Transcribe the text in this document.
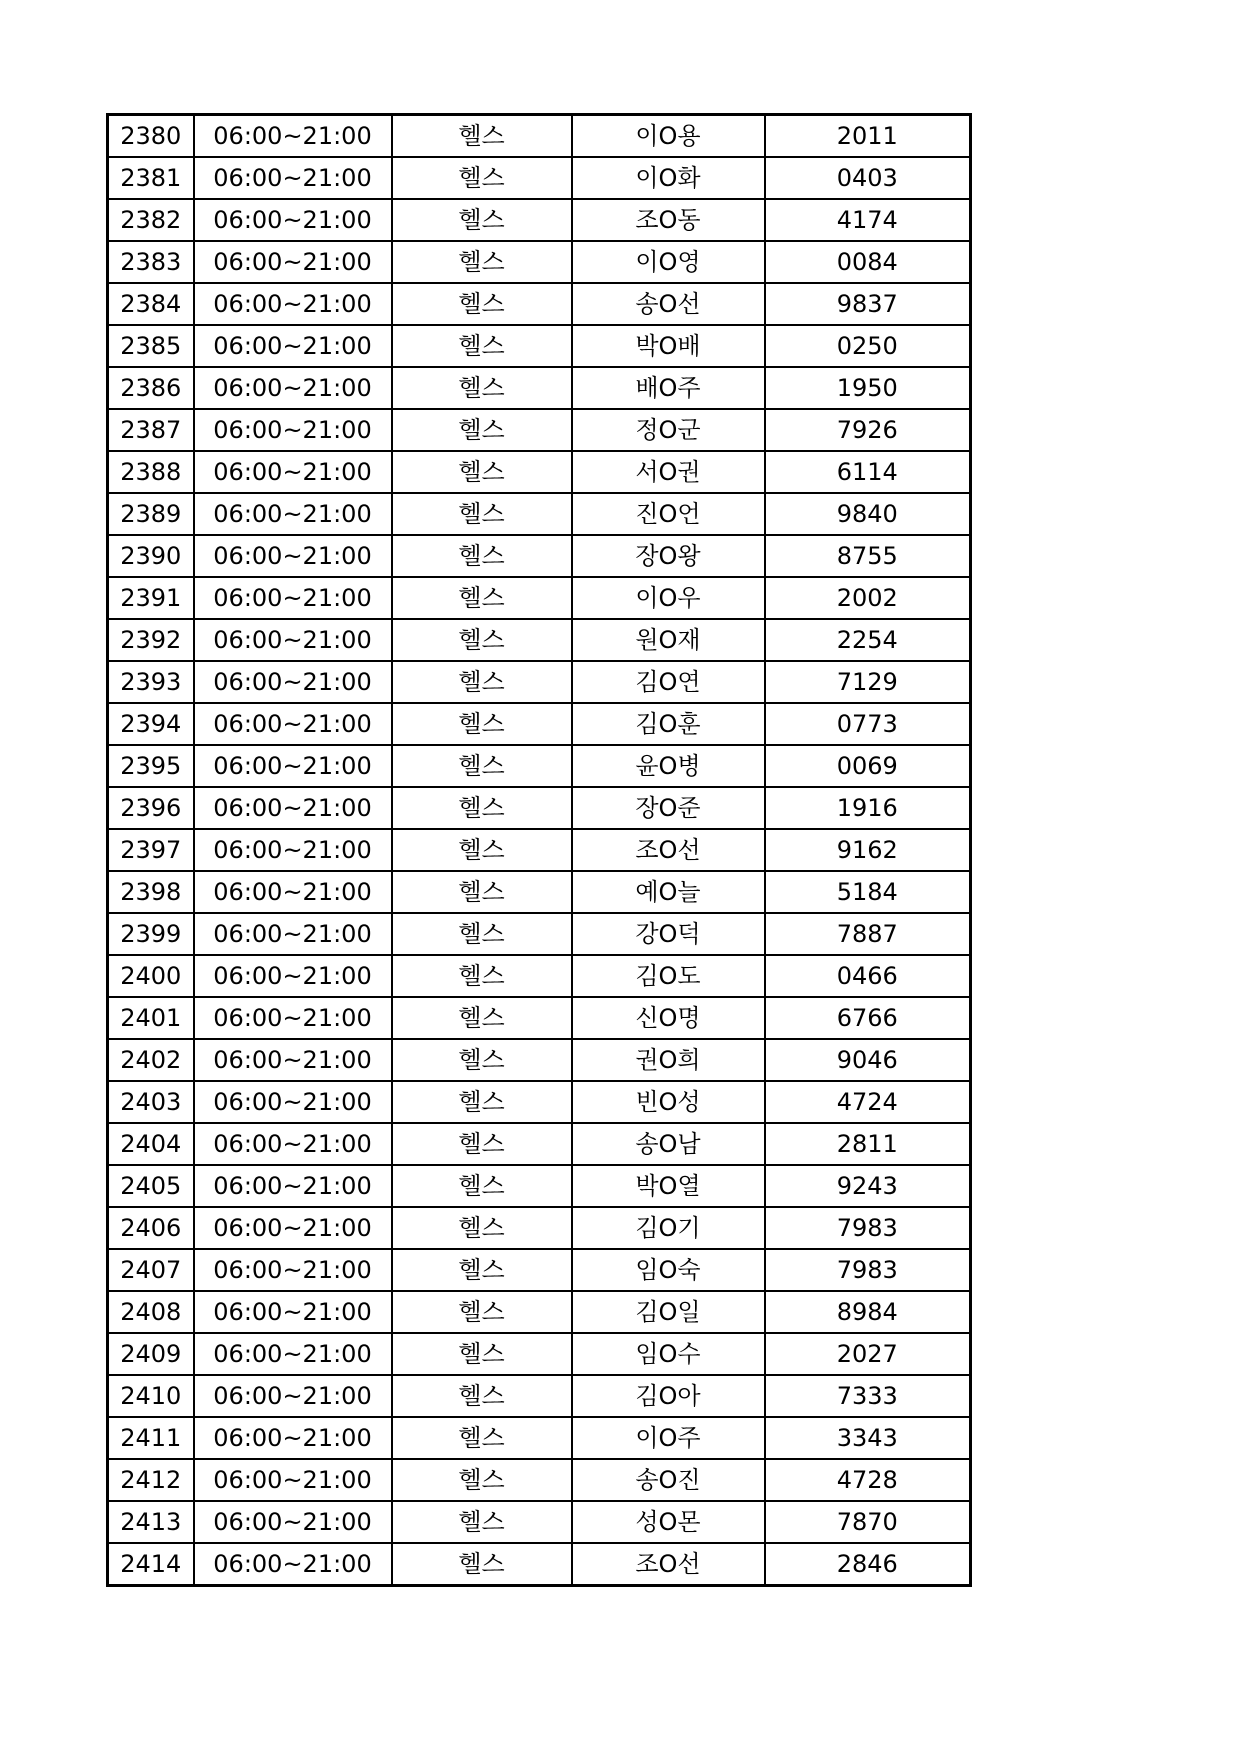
2380	06:00~21:00	헬스	이O용	2011
2381	06:00~21:00	헬스	이O화	0403
2382	06:00~21:00	헬스	조O동	4174
2383	06:00~21:00	헬스	이O영	0084
2384	06:00~21:00	헬스	송O선	9837
2385	06:00~21:00	헬스	박O배	0250
2386	06:00~21:00	헬스	배O주	1950
2387	06:00~21:00	헬스	정O군	7926
2388	06:00~21:00	헬스	서O권	6114
2389	06:00~21:00	헬스	진O언	9840
2390	06:00~21:00	헬스	장O왕	8755
2391	06:00~21:00	헬스	이O우	2002
2392	06:00~21:00	헬스	원O재	2254
2393	06:00~21:00	헬스	김O연	7129
2394	06:00~21:00	헬스	김O훈	0773
2395	06:00~21:00	헬스	윤O병	0069
2396	06:00~21:00	헬스	장O준	1916
2397	06:00~21:00	헬스	조O선	9162
2398	06:00~21:00	헬스	예O늘	5184
2399	06:00~21:00	헬스	강O덕	7887
2400	06:00~21:00	헬스	김O도	0466
2401	06:00~21:00	헬스	신O명	6766
2402	06:00~21:00	헬스	권O희	9046
2403	06:00~21:00	헬스	빈O성	4724
2404	06:00~21:00	헬스	송O남	2811
2405	06:00~21:00	헬스	박O열	9243
2406	06:00~21:00	헬스	김O기	7983
2407	06:00~21:00	헬스	임O숙	7983
2408	06:00~21:00	헬스	김O일	8984
2409	06:00~21:00	헬스	임O수	2027
2410	06:00~21:00	헬스	김O아	7333
2411	06:00~21:00	헬스	이O주	3343
2412	06:00~21:00	헬스	송O진	4728
2413	06:00~21:00	헬스	성O몬	7870
2414	06:00~21:00	헬스	조O선	2846
